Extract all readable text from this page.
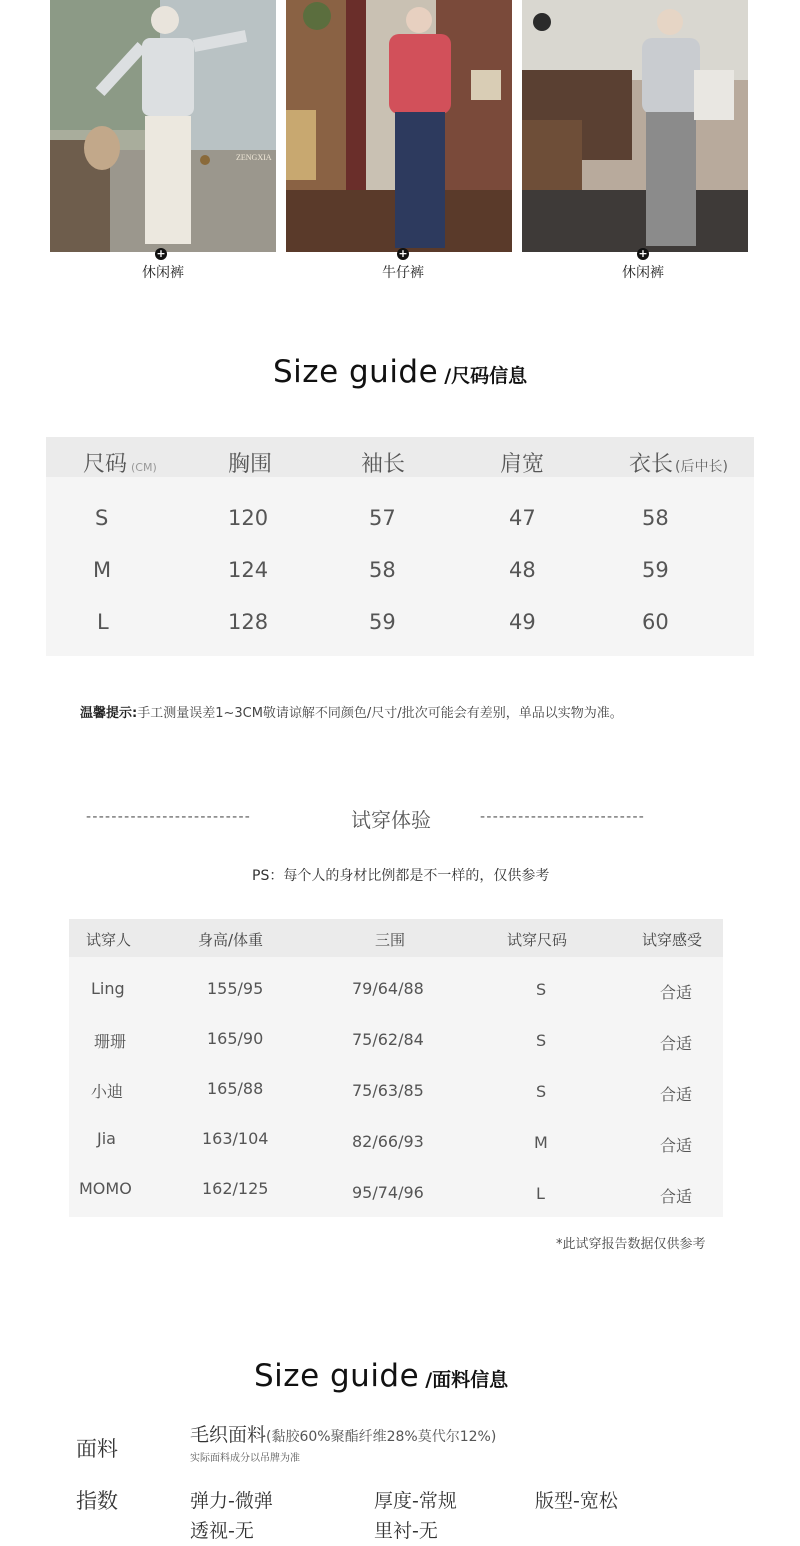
ZENGXIA
+	+	+
休闲裤	牛仔裤	休闲裤
Size guide /尺码信息
尺码 (CM)	胸围	袖长	肩宽	衣长 (后中长)
S	120	57	47	58
M	124	58	48	59
L	128	59	49	60
温馨提示:手工测量误差1~3CM敬请谅解不同颜色/尺寸/批次可能会有差别，单品以实物为准。
--------------------------	试穿体验	--------------------------
PS：每个人的身材比例都是不一样的，仅供参考
试穿人	身高/体重	三围	试穿尺码	试穿感受
Ling	155/95	79/64/88	S	合适
珊珊	165/90	75/62/84	S	合适
小迪	165/88	75/63/85	S	合适
Jia	163/104	82/66/93	M	合适
MOMO	162/125	95/74/96	L	合适
*此试穿报告数据仅供参考
Size guide /面料信息
面料
毛织面料(黏胶60%聚酯纤维28%莫代尔12%)
实际面料成分以吊牌为准
指数	弹力-微弹	厚度-常规	版型-宽松
透视-无	里衬-无
